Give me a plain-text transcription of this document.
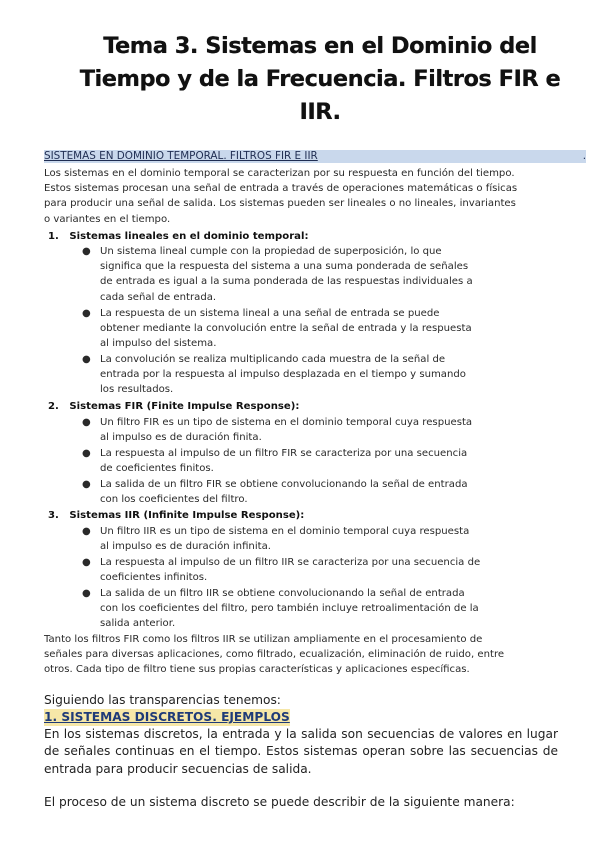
Tema 3. Sistemas en el Dominio del
Tiempo y de la Frecuencia. Filtros FIR e
IIR.
SISTEMAS EN DOMINIO TEMPORAL. FILTROS FIR E IIR	.
Los sistemas en el dominio temporal se caracterizan por su respuesta en función del tiempo.
Estos sistemas procesan una señal de entrada a través de operaciones matemáticas o físicas
para producir una señal de salida. Los sistemas pueden ser lineales o no lineales, invariantes
o variantes en el tiempo.
1. Sistemas lineales en el dominio temporal:
● Un sistema lineal cumple con la propiedad de superposición, lo que
significa que la respuesta del sistema a una suma ponderada de señales
de entrada es igual a la suma ponderada de las respuestas individuales a
cada señal de entrada.
● La respuesta de un sistema lineal a una señal de entrada se puede
obtener mediante la convolución entre la señal de entrada y la respuesta
al impulso del sistema.
● La convolución se realiza multiplicando cada muestra de la señal de
entrada por la respuesta al impulso desplazada en el tiempo y sumando
los resultados.
2. Sistemas FIR (Finite Impulse Response):
● Un filtro FIR es un tipo de sistema en el dominio temporal cuya respuesta
al impulso es de duración finita.
● La respuesta al impulso de un filtro FIR se caracteriza por una secuencia
de coeficientes finitos.
● La salida de un filtro FIR se obtiene convolucionando la señal de entrada
con los coeficientes del filtro.
3. Sistemas IIR (Infinite Impulse Response):
● Un filtro IIR es un tipo de sistema en el dominio temporal cuya respuesta
al impulso es de duración infinita.
● La respuesta al impulso de un filtro IIR se caracteriza por una secuencia de
coeficientes infinitos.
● La salida de un filtro IIR se obtiene convolucionando la señal de entrada
con los coeficientes del filtro, pero también incluye retroalimentación de la
salida anterior.
Tanto los filtros FIR como los filtros IIR se utilizan ampliamente en el procesamiento de
señales para diversas aplicaciones, como filtrado, ecualización, eliminación de ruido, entre
otros. Cada tipo de filtro tiene sus propias características y aplicaciones específicas.
Siguiendo las transparencias tenemos:
1. SISTEMAS DISCRETOS. EJEMPLOS
En los sistemas discretos, la entrada y la salida son secuencias de valores en lugar de señales continuas en el tiempo. Estos sistemas operan sobre las secuencias de entrada para producir secuencias de salida.
El proceso de un sistema discreto se puede describir de la siguiente manera:
